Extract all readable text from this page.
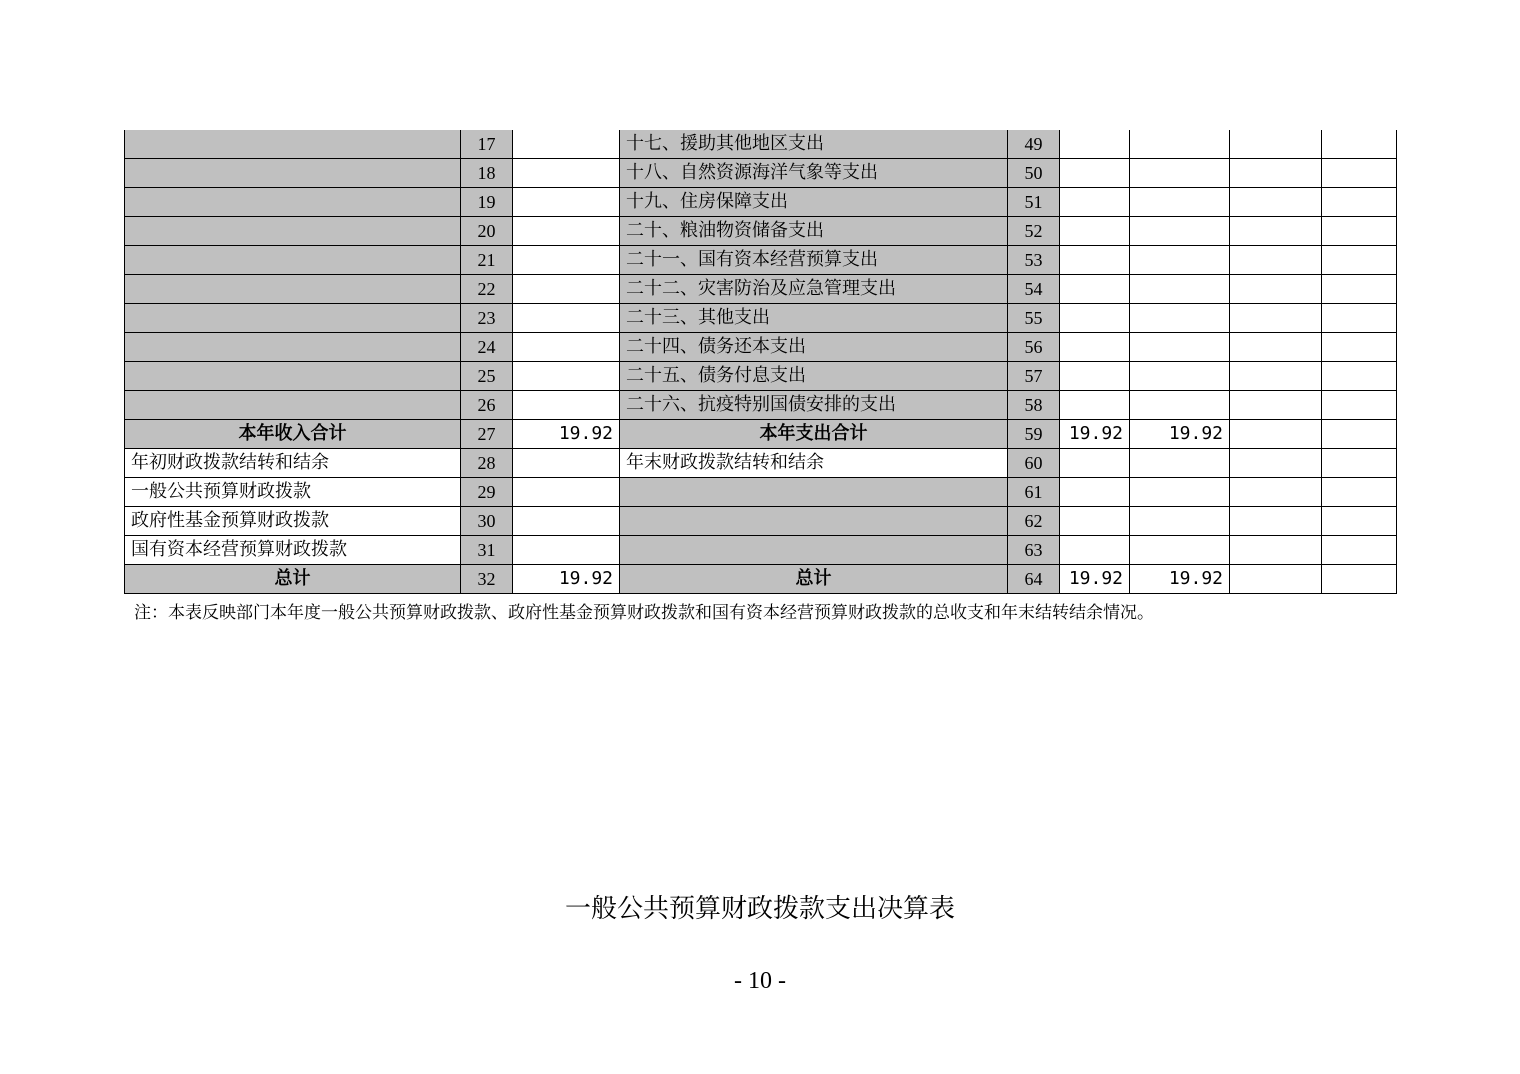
	17		十七、援助其他地区支出	49				
	18		十八、自然资源海洋气象等支出	50				
	19		十九、住房保障支出	51				
	20		二十、粮油物资储备支出	52				
	21		二十一、国有资本经营预算支出	53				
	22		二十二、灾害防治及应急管理支出	54				
	23		二十三、其他支出	55				
	24		二十四、债务还本支出	56				
	25		二十五、债务付息支出	57				
	26		二十六、抗疫特别国债安排的支出	58				
本年收入合计	27	19.92	本年支出合计	59	19.92	19.92		
年初财政拨款结转和结余	28		年末财政拨款结转和结余	60				
一般公共预算财政拨款	29			61				
政府性基金预算财政拨款	30			62				
国有资本经营预算财政拨款	31			63				
总计	32	19.92	总计	64	19.92	19.92		
注：本表反映部门本年度一般公共预算财政拨款、政府性基金预算财政拨款和国有资本经营预算财政拨款的总收支和年末结转结余情况。
一般公共预算财政拨款支出决算表
- 10 -
